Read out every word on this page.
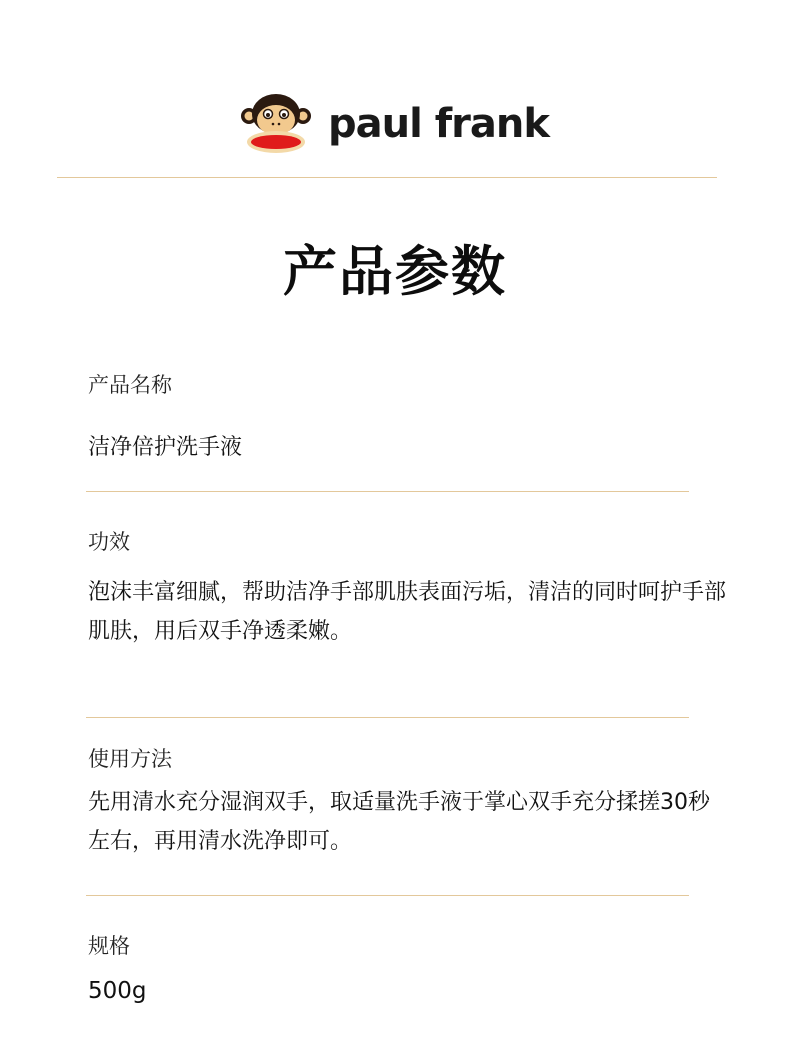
paul frank
产品参数
产品名称
洁净倍护洗手液
功效
泡沫丰富细腻，帮助洁净手部肌肤表面污垢，清洁的同时呵护手部肌肤，用后双手净透柔嫩。
使用方法
先用清水充分湿润双手，取适量洗手液于掌心双手充分揉搓30秒左右，再用清水洗净即可。
规格
500g
